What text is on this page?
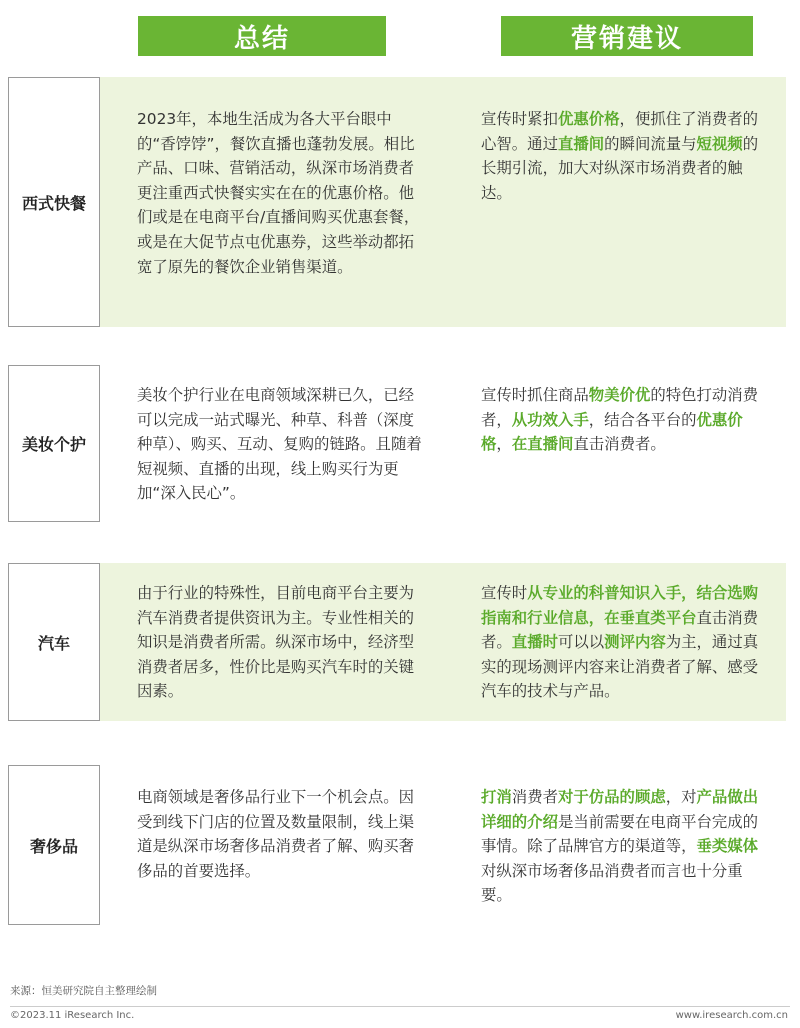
总结	营销建议
西式快餐
2023年，本地生活成为各大平台眼中的“香饽饽”，餐饮直播也蓬勃发展。相比产品、口味、营销活动，纵深市场消费者更注重西式快餐实实在在的优惠价格。他们或是在电商平台/直播间购买优惠套餐，或是在大促节点屯优惠券，这些举动都拓宽了原先的餐饮企业销售渠道。
宣传时紧扣优惠价格，便抓住了消费者的心智。通过直播间的瞬间流量与短视频的长期引流，加大对纵深市场消费者的触达。
美妆个护
美妆个护行业在电商领域深耕已久，已经可以完成一站式曝光、种草、科普（深度种草）、购买、互动、复购的链路。且随着短视频、直播的出现，线上购买行为更加“深入民心”。
宣传时抓住商品物美价优的特色打动消费者，从功效入手，结合各平台的优惠价格，在直播间直击消费者。
汽车
由于行业的特殊性，目前电商平台主要为汽车消费者提供资讯为主。专业性相关的知识是消费者所需。纵深市场中，经济型消费者居多，性价比是购买汽车时的关键因素。
宣传时从专业的科普知识入手，结合选购指南和行业信息，在垂直类平台直击消费者。直播时可以以测评内容为主，通过真实的现场测评内容来让消费者了解、感受汽车的技术与产品。
奢侈品
电商领域是奢侈品行业下一个机会点。因受到线下门店的位置及数量限制，线上渠道是纵深市场奢侈品消费者了解、购买奢侈品的首要选择。
打消消费者对于仿品的顾虑，对产品做出详细的介绍是当前需要在电商平台完成的事情。除了品牌官方的渠道等，垂类媒体对纵深市场奢侈品消费者而言也十分重要。
来源：恒美研究院自主整理绘制
©2023.11 iResearch Inc.	www.iresearch.com.cn
